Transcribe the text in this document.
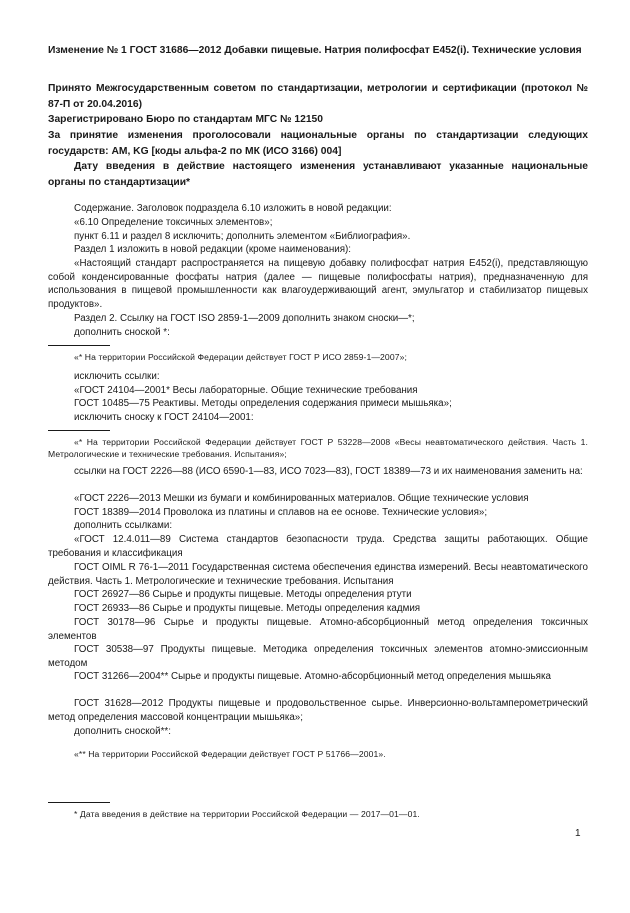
Изменение № 1 ГОСТ 31686—2012 Добавки пищевые. Натрия полифосфат Е452(i). Технические условия
Принято Межгосударственным советом по стандартизации, метрологии и сертификации (протокол № 87-П от 20.04.2016)
Зарегистрировано Бюро по стандартам МГС № 12150
За принятие изменения проголосовали национальные органы по стандартизации следующих государств: AM, KG [коды альфа-2 по МК (ИСО 3166) 004]
Дату введения в действие настоящего изменения устанавливают указанные национальные органы по стандартизации*
Содержание. Заголовок подраздела 6.10 изложить в новой редакции:
«6.10 Определение токсичных элементов»;
пункт 6.11 и раздел 8 исключить; дополнить элементом «Библиография».
Раздел 1 изложить в новой редакции (кроме наименования):
«Настоящий стандарт распространяется на пищевую добавку полифосфат натрия Е452(i), представляющую собой конденсированные фосфаты натрия (далее — пищевые полифосфаты натрия), предназначенную для использования в пищевой промышленности как влагоудерживающий агент, эмульгатор и стабилизатор пищевых продуктов».
Раздел 2. Ссылку на ГОСТ ISO 2859-1—2009 дополнить знаком сноски—*;
дополнить сноской *:
«* На территории Российской Федерации действует ГОСТ Р ИСО 2859-1—2007»;
исключить ссылки:
«ГОСТ 24104—2001* Весы лабораторные. Общие технические требования
ГОСТ 10485—75 Реактивы. Методы определения содержания примеси мышьяка»;
исключить сноску к ГОСТ 24104—2001:
«* На территории Российской Федерации действует ГОСТ Р 53228—2008 «Весы неавтоматического действия. Часть 1. Метрологические и технические требования. Испытания»;
ссылки на ГОСТ 2226—88 (ИСО 6590-1—83, ИСО 7023—83), ГОСТ 18389—73 и их наименования заменить на:
«ГОСТ 2226—2013 Мешки из бумаги и комбинированных материалов. Общие технические условия
ГОСТ 18389—2014 Проволока из платины и сплавов на ее основе. Технические условия»;
дополнить ссылками:
«ГОСТ 12.4.011—89 Система стандартов безопасности труда. Средства защиты работающих. Общие требования и классификация
ГОСТ OIML R 76-1—2011 Государственная система обеспечения единства измерений. Весы неавтоматического действия. Часть 1. Метрологические и технические требования. Испытания
ГОСТ 26927—86 Сырье и продукты пищевые. Методы определения ртути
ГОСТ 26933—86 Сырье и продукты пищевые. Методы определения кадмия
ГОСТ 30178—96 Сырье и продукты пищевые. Атомно-абсорбционный метод определения токсичных элементов
ГОСТ 30538—97 Продукты пищевые. Методика определения токсичных элементов атомно-эмиссионным методом
ГОСТ 31266—2004** Сырье и продукты пищевые. Атомно-абсорбционный метод определения мышьяка
ГОСТ 31628—2012 Продукты пищевые и продовольственное сырье. Инверсионно-вольтамперометрический метод определения массовой концентрации мышьяка»;
дополнить сноской**:
«** На территории Российской Федерации действует ГОСТ Р 51766—2001».
* Дата введения в действие на территории Российской Федерации — 2017—01—01.
1
